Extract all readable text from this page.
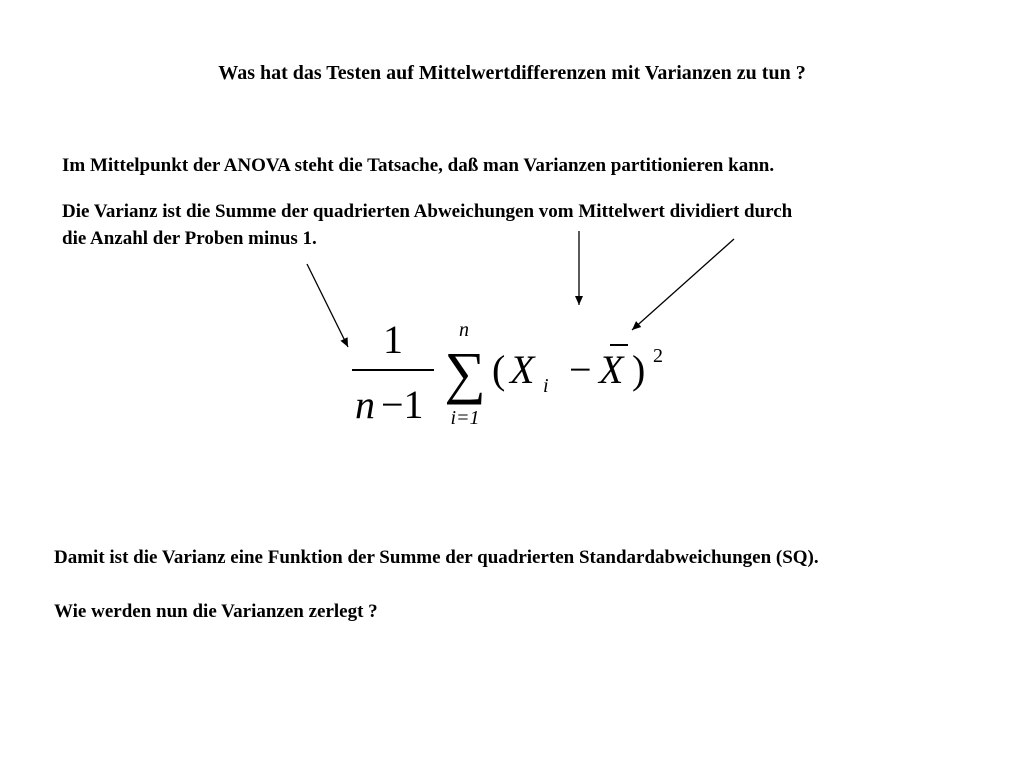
Was hat das Testen auf Mittelwertdifferenzen mit Varianzen zu tun ?

Im Mittelpunkt der ANOVA steht die Tatsache, daß man Varianzen partitionieren kann.

Die Varianz ist die Summe der quadrierten Abweichungen vom Mittelwert dividiert durch

die Anzahl der Proben minus 1.

1
n −1
n
∑
i=1
( X i − X ) 2

Damit ist die Varianz eine Funktion der Summe der quadrierten Standardabweichungen (SQ).

Wie werden nun die Varianzen zerlegt ?
